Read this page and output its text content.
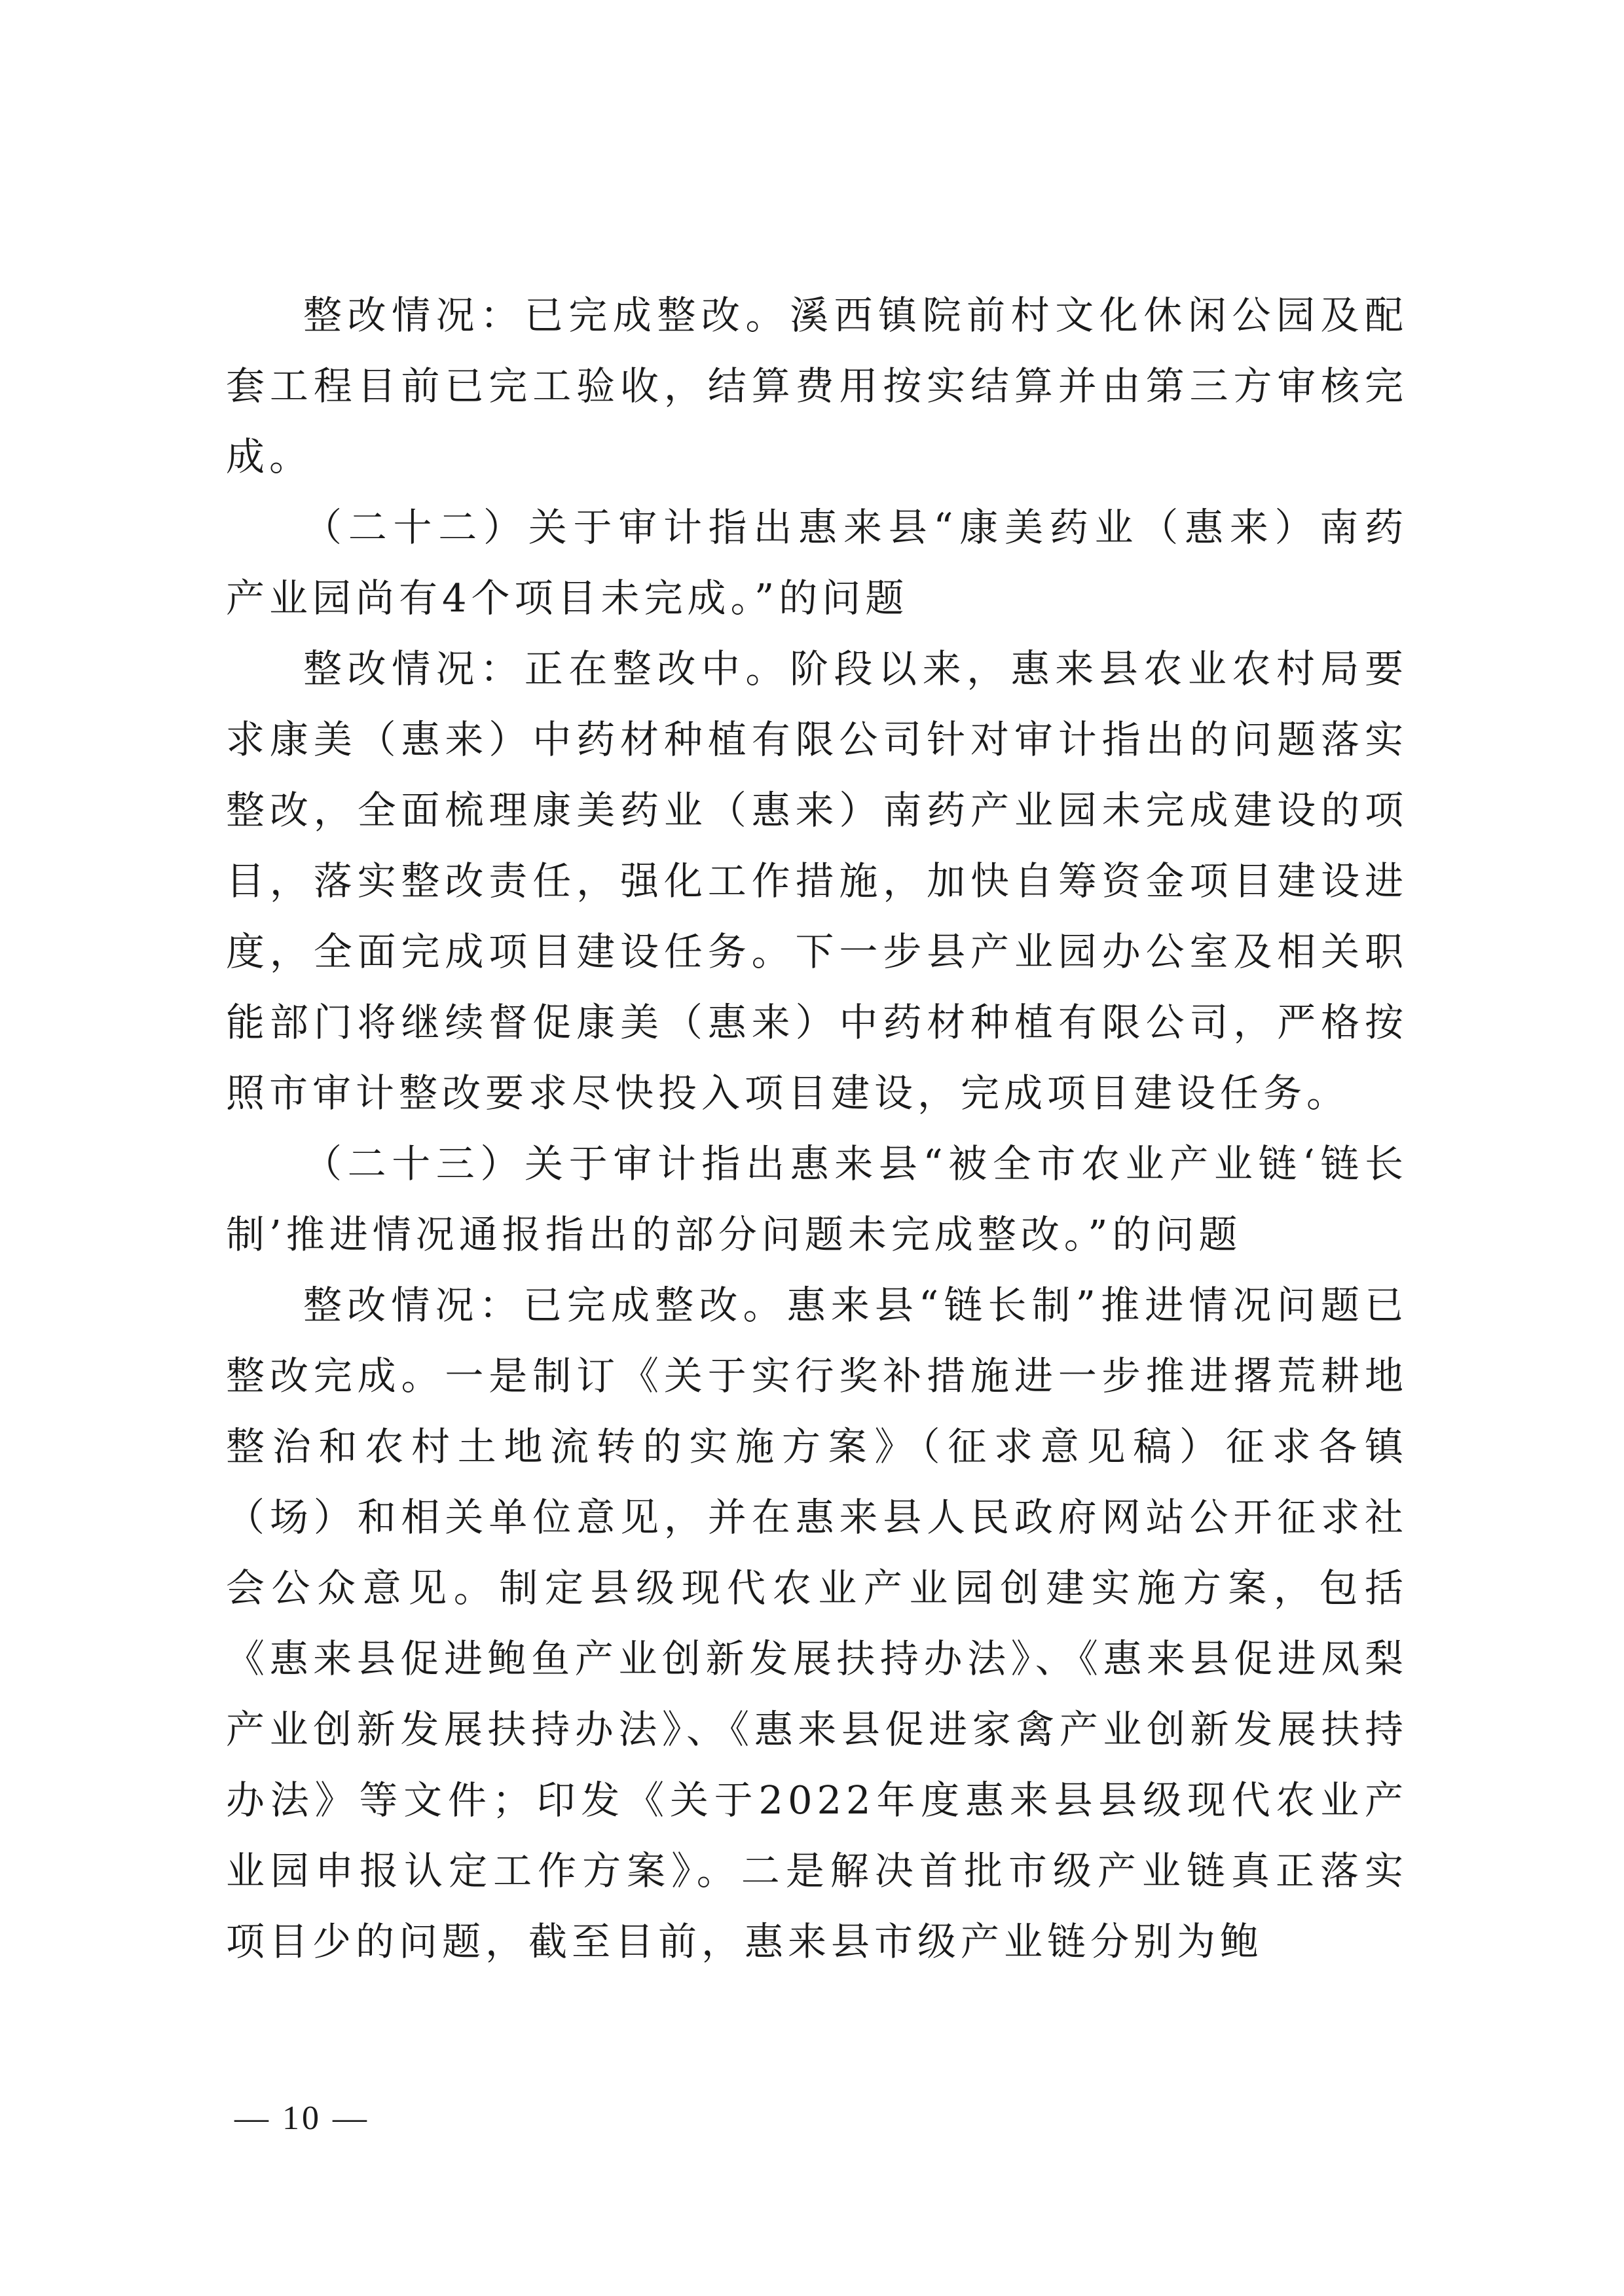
整改情况：已完成整改。溪西镇院前村文化休闲公园及配套工程目前已完工验收，结算费用按实结算并由第三方审核完成。

（二十二）关于审计指出惠来县“康美药业（惠来）南药产业园尚有4个项目未完成。”的问题

整改情况：正在整改中。阶段以来，惠来县农业农村局要求康美（惠来）中药材种植有限公司针对审计指出的问题落实整改，全面梳理康美药业（惠来）南药产业园未完成建设的项目，落实整改责任，强化工作措施，加快自筹资金项目建设进度，全面完成项目建设任务。下一步县产业园办公室及相关职能部门将继续督促康美（惠来）中药材种植有限公司，严格按照市审计整改要求尽快投入项目建设，完成项目建设任务。

（二十三）关于审计指出惠来县“被全市农业产业链‘链长制’推进情况通报指出的部分问题未完成整改。”的问题

整改情况：已完成整改。惠来县“链长制”推进情况问题已整改完成。一是制订《关于实行奖补措施进一步推进撂荒耕地整治和农村土地流转的实施方案》（征求意见稿）征求各镇（场）和相关单位意见，并在惠来县人民政府网站公开征求社会公众意见。制定县级现代农业产业园创建实施方案，包括《惠来县促进鲍鱼产业创新发展扶持办法》、《惠来县促进凤梨产业创新发展扶持办法》、《惠来县促进家禽产业创新发展扶持办法》等文件；印发《关于2022年度惠来县县级现代农业产业园申报认定工作方案》。二是解决首批市级产业链真正落实项目少的问题，截至目前，惠来县市级产业链分别为鲍

— 10 —
